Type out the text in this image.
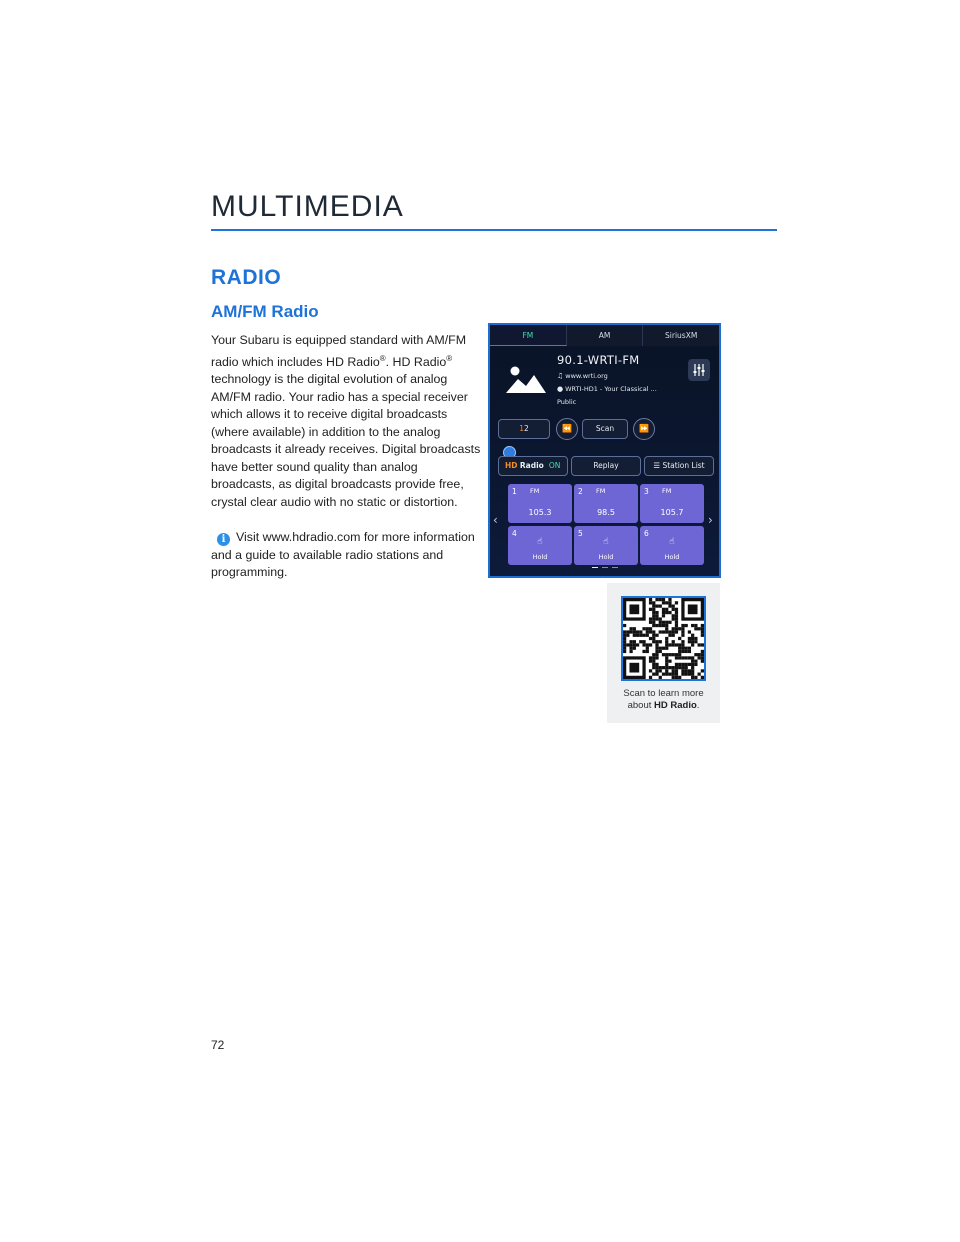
MULTIMEDIA
RADIO
AM/FM Radio
Your Subaru is equipped standard with AM/FM radio which includes HD Radio®. HD Radio® technology is the digital evolution of analog AM/FM radio. Your radio has a special receiver which allows it to receive digital broadcasts (where available) in addition to the analog broadcasts it already receives. Digital broadcasts have better sound quality than analog broadcasts, as digital broadcasts provide free, crystal clear audio with no static or distortion.
i Visit www.hdradio.com for more information and a guide to available radio stations and programming.
FM	AM	SiriusXM
90.1-WRTI-FM
♫ www.wrti.org
● WRTI-HD1 - Your Classical ...
Public
12	⏪	Scan	⏩
HD Radio ON	Replay	☰ Station List
‹	›
1 FM
105.3
2 FM
98.5
3 FM
105.7
4
☝
Hold
5
☝
Hold
6
☝
Hold
Scan to learn more
about HD Radio.
72
